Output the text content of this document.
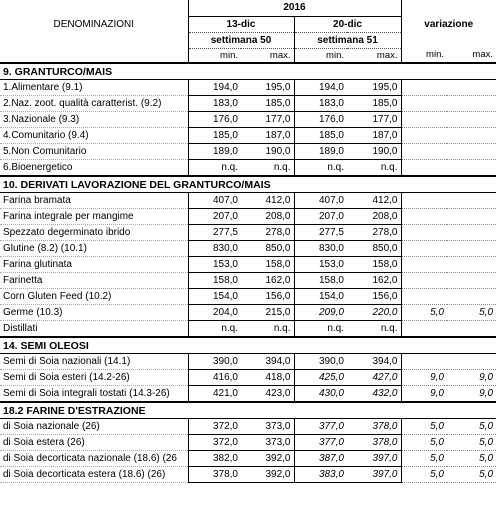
DENOMINAZIONI	2016				variazione	
	13-dic		20-dic			
	settimana 50		settimana 51			
	min.	max.	min.	max.	min.	max.
9. GRANTURCO/MAIS						
1.Alimentare (9.1)	194,0	195,0	194,0	195,0		
2.Naz. zoot. qualità caratterist. (9.2)	183,0	185,0	183,0	185,0		
3.Nazionale (9.3)	176,0	177,0	176,0	177,0		
4.Comunitario (9.4)	185,0	187,0	185,0	187,0		
5.Non Comunitario	189,0	190,0	189,0	190,0		
6.Bioenergetico	n.q.	n.q.	n.q.	n.q.		
10. DERIVATI LAVORAZIONE DEL GRANTURCO/MAIS						
Farina bramata	407,0	412,0	407,0	412,0		
Farina integrale per mangime	207,0	208,0	207,0	208,0		
Spezzato degerminato ibrido	277,5	278,0	277,5	278,0		
Glutine (8.2) (10.1)	830,0	850,0	830,0	850,0		
Farina glutinata	153,0	158,0	153,0	158,0		
Farinetta	158,0	162,0	158,0	162,0		
Corn Gluten Feed (10.2)	154,0	156,0	154,0	156,0		
Germe (10.3)	204,0	215,0	209,0	220,0	5,0	5,0
Distillati	n.q.	n.q.	n.q.	n.q.		
14. SEMI OLEOSI						
Semi di Soia nazionali (14.1)	390,0	394,0	390,0	394,0		
Semi di Soia esteri (14.2-26)	416,0	418,0	425,0	427,0	9,0	9,0
Semi di Soia integrali tostati (14.3-26)	421,0	423,0	430,0	432,0	9,0	9,0
18.2 FARINE D'ESTRAZIONE						
di Soia nazionale (26)	372,0	373,0	377,0	378,0	5,0	5,0
di Soia estera (26)	372,0	373,0	377,0	378,0	5,0	5,0
di Soia decorticata nazionale (18.6) (26	382,0	392,0	387,0	397,0	5,0	5,0
di Soia decorticata estera (18.6) (26)	378,0	392,0	383,0	397,0	5,0	5,0
